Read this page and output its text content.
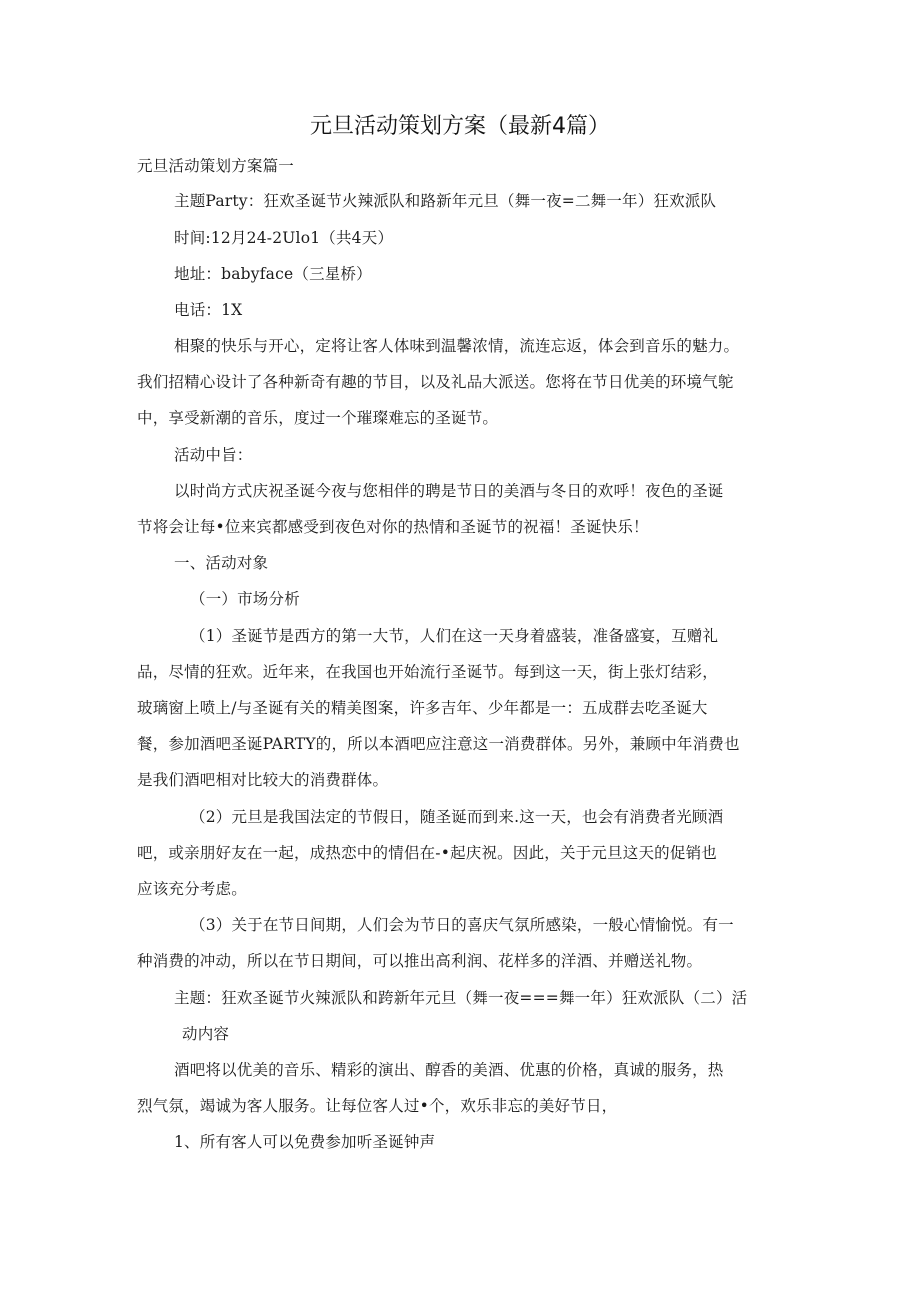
元旦活动策划方案（最新4篇）
元旦活动策划方案篇一
主题Party：狂欢圣诞节火辣派队和路新年元旦（舞一夜=二舞一年）狂欢派队
时间:12月24-2Ulo1（共4天）
地址：babyface（三星桥）
电话：1X
相聚的快乐与开心，定将让客人体味到温馨浓情，流连忘返，体会到音乐的魅力。
我们招精心设计了各种新奇有趣的节目，以及礼品大派送。您将在节日优美的环境气鸵
中，享受新潮的音乐，度过一个璀璨难忘的圣诞节。
活动中旨：
以时尚方式庆祝圣诞今夜与您相伴的聘是节日的美酒与冬日的欢呼！夜色的圣诞
节将会让每•位来宾都感受到夜色对你的热情和圣诞节的祝福！圣诞快乐！
一、活动对象
（一）市场分析
（1）圣诞节是西方的第一大节，人们在这一天身着盛装，准备盛宴，互赠礼
品，尽情的狂欢。近年来，在我国也开始流行圣诞节。每到这一天，街上张灯结彩，
玻璃窗上喷上/与圣诞有关的精美图案，许多吉年、少年都是一：五成群去吃圣诞大
餐，参加酒吧圣诞PARTY的，所以本酒吧应注意这一消费群体。另外，兼顾中年消费也
是我们酒吧相对比较大的消费群体。
（2）元旦是我国法定的节假日，随圣诞而到来.这一天，也会有消费者光顾酒
吧，或亲朋好友在一起，成热恋中的情侣在-•起庆祝。因此，关于元旦这天的促销也
应该充分考虑。
（3）关于在节日间期，人们会为节日的喜庆气氛所感染，一般心情愉悦。有一
种消费的冲动，所以在节日期间，可以推出高利润、花样多的洋酒、并赠送礼物。
主题：狂欢圣诞节火辣派队和跨新年元旦（舞一夜===舞一年）狂欢派队（二）活
动内容
酒吧将以优美的音乐、精彩的演出、醇香的美酒、优惠的价格，真诚的服务，热
烈气氛，竭诚为客人服务。让每位客人过•个，欢乐非忘的美好节日，
1、所有客人可以免费参加听圣诞钟声
